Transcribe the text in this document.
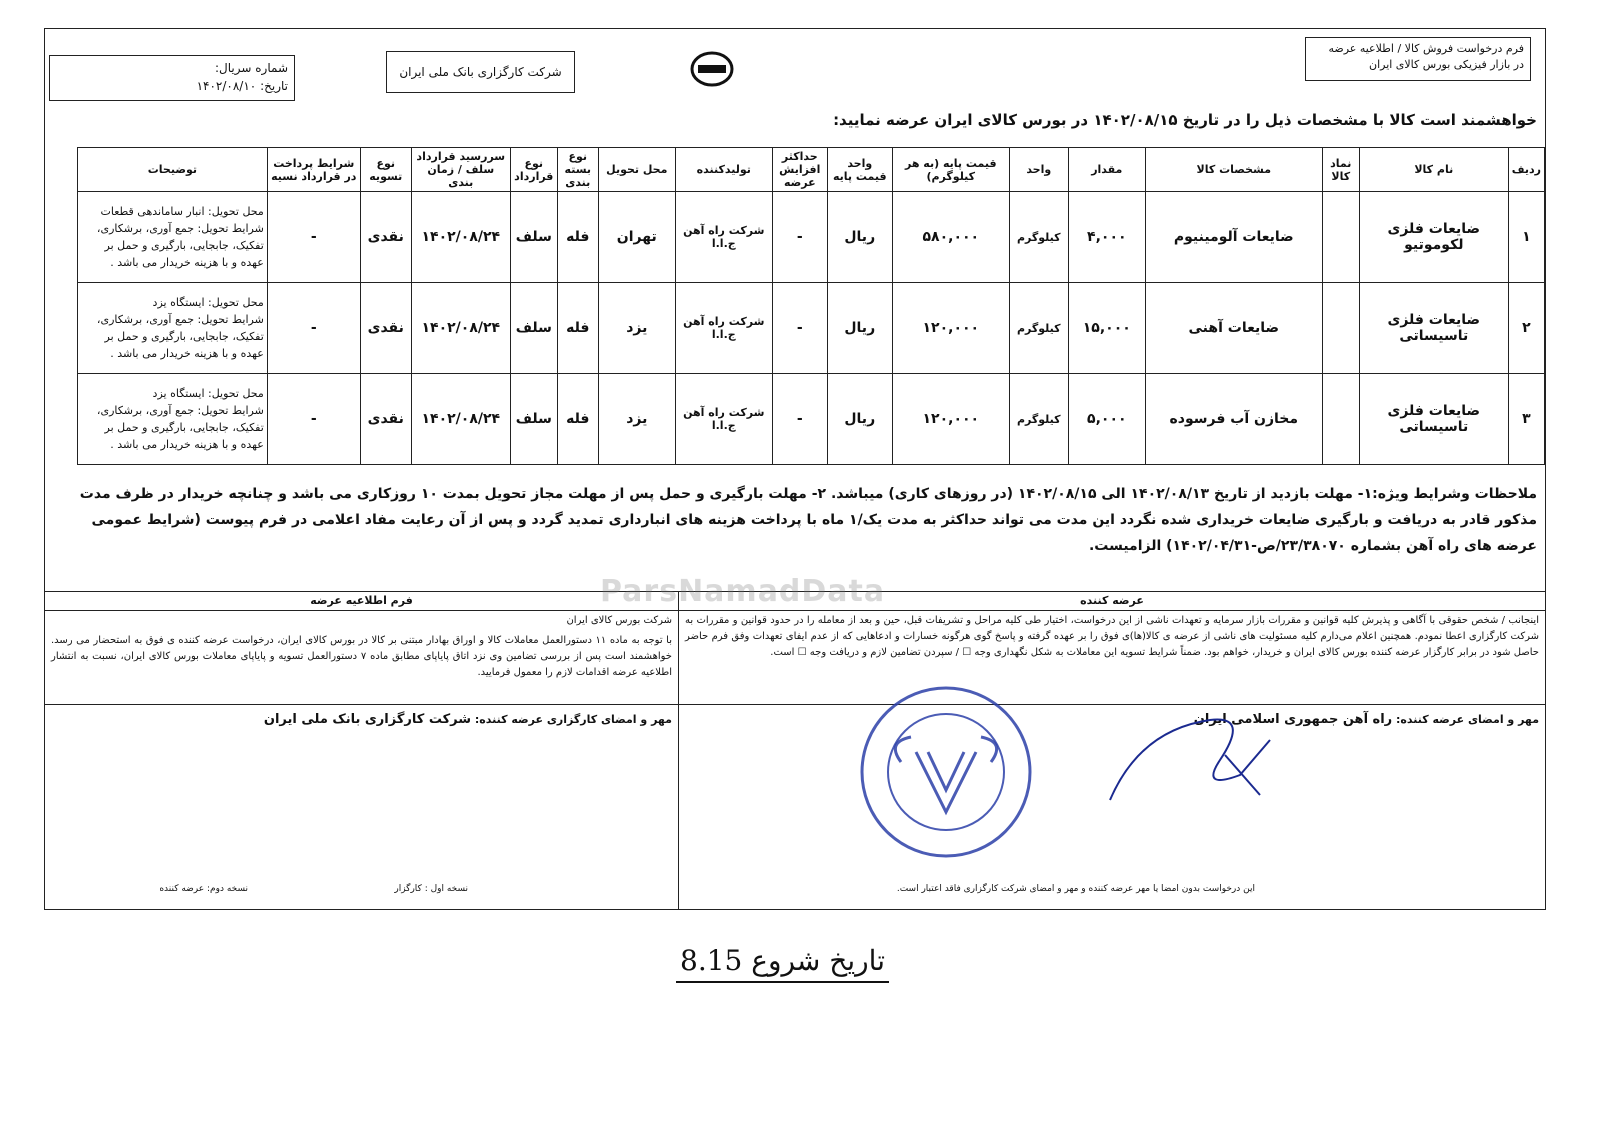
فرم درخواست فروش کالا / اطلاعیه عرضه
در بازار فیزیکی بورس کالای ایران
شرکت کارگزاری بانک ملی ایران
شماره سریال:
تاریخ: ۱۴۰۲/۰۸/۱۰
خواهشمند است کالا با مشخصات ذیل را در تاریخ ۱۴۰۲/۰۸/۱۵ در بورس کالای ایران عرضه نمایید:
ردیف	نام کالا	نماد کالا	مشخصات کالا	مقدار	واحد	قیمت پایه (به هر کیلوگرم)	واحد قیمت پایه	حداکثر افزایش عرضه	تولیدکننده	محل تحویل	نوع بسته بندی	نوع قرارداد	سررسید قرارداد سلف / زمان بندی	نوع تسویه	شرایط پرداخت در قرارداد نسیه	توضیحات
۱	ضایعات فلزی لکوموتیو		ضایعات آلومینیوم	۴,۰۰۰	کیلوگرم	۵۸۰,۰۰۰	ریال	-	شرکت راه آهن ج.ا.ا	تهران	فله	سلف	۱۴۰۲/۰۸/۲۴	نقدی	-	محل تحویل: انبار ساماندهی قطعات
شرایط تحویل: جمع آوری، برشکاری، تفکیک، جابجایی، بارگیری و حمل بر عهده و با هزینه خریدار می باشد .

۲	ضایعات فلزی تاسیساتی		ضایعات آهنی	۱۵,۰۰۰	کیلوگرم	۱۲۰,۰۰۰	ریال	-	شرکت راه آهن ج.ا.ا	یزد	فله	سلف	۱۴۰۲/۰۸/۲۴	نقدی	-	محل تحویل: ایستگاه یزد
شرایط تحویل: جمع آوری، برشکاری، تفکیک، جابجایی، بارگیری و حمل بر عهده و با هزینه خریدار می باشد .

۳	ضایعات فلزی تاسیساتی		مخازن آب فرسوده	۵,۰۰۰	کیلوگرم	۱۲۰,۰۰۰	ریال	-	شرکت راه آهن ج.ا.ا	یزد	فله	سلف	۱۴۰۲/۰۸/۲۴	نقدی	-	محل تحویل: ایستگاه یزد
شرایط تحویل: جمع آوری، برشکاری، تفکیک، جابجایی، بارگیری و حمل بر عهده و با هزینه خریدار می باشد .
ملاحظات وشرایط ویژه:۱- مهلت بازدید از تاریخ ۱۴۰۲/۰۸/۱۳ الی ۱۴۰۲/۰۸/۱۵ (در روزهای کاری) میباشد. ۲- مهلت بارگیری و حمل پس از مهلت مجاز تحویل بمدت ۱۰ روزکاری می باشد و چنانچه خریدار در ظرف مدت مذکور قادر به دریافت و بارگیری ضایعات خریداری شده نگردد این مدت می تواند حداکثر به مدت یک/۱ ماه با پرداخت هزینه های انبارداری تمدید گردد و پس از آن رعایت مفاد اعلامی در فرم پیوست (شرایط عمومی عرضه های راه آهن بشماره ۲۳/۳۸۰۷۰/ص-۱۴۰۲/۰۴/۳۱) الزامیست.
عرضه کننده
اینجانب / شخص حقوقی با آگاهی و پذیرش کلیه قوانین و مقررات بازار سرمایه و تعهدات ناشی از این درخواست، اختیار طی کلیه مراحل و تشریفات قبل، حین و بعد از معامله را در حدود قوانین و مقررات به شرکت کارگزاری اعطا نمودم. همچنین اعلام می‌دارم کلیه مسئولیت های ناشی از عرضه ی کالا(ها)ی فوق را بر عهده گرفته و پاسخ گوی هرگونه خسارات و ادعاهایی که از عدم ایفای تعهدات وفق فرم حاضر حاصل شود در برابر کارگزار عرضه کننده بورس کالای ایران و خریدار، خواهم بود. ضمناً شرایط تسویه این معاملات به شکل نگهداری وجه ☐ / سپردن تضامین لازم و دریافت وجه ☐ است.
مهر و امضای عرضه کننده: راه آهن جمهوری اسلامی ایران
این درخواست بدون امضا یا مهر عرضه کننده و مهر و امضای شرکت کارگزاری فاقد اعتبار است.
فرم اطلاعیه عرضه
شرکت بورس کالای ایران
با توجه به ماده ۱۱ دستورالعمل معاملات کالا و اوراق بهادار مبتنی بر کالا در بورس کالای ایران، درخواست عرضه کننده ی فوق به استحضار می رسد. خواهشمند است پس از بررسی تضامین وی نزد اتاق پایاپای مطابق ماده ۷ دستورالعمل تسویه و پایاپای معاملات بورس کالای ایران، نسبت به انتشار اطلاعیه عرضه اقدامات لازم را معمول فرمایید.
مهر و امضای کارگزاری عرضه کننده: شرکت کارگزاری بانک ملی ایران
نسخه اول : کارگزار
نسخه دوم: عرضه کننده
ParsNamadData
تاریخ شروع 8.15
